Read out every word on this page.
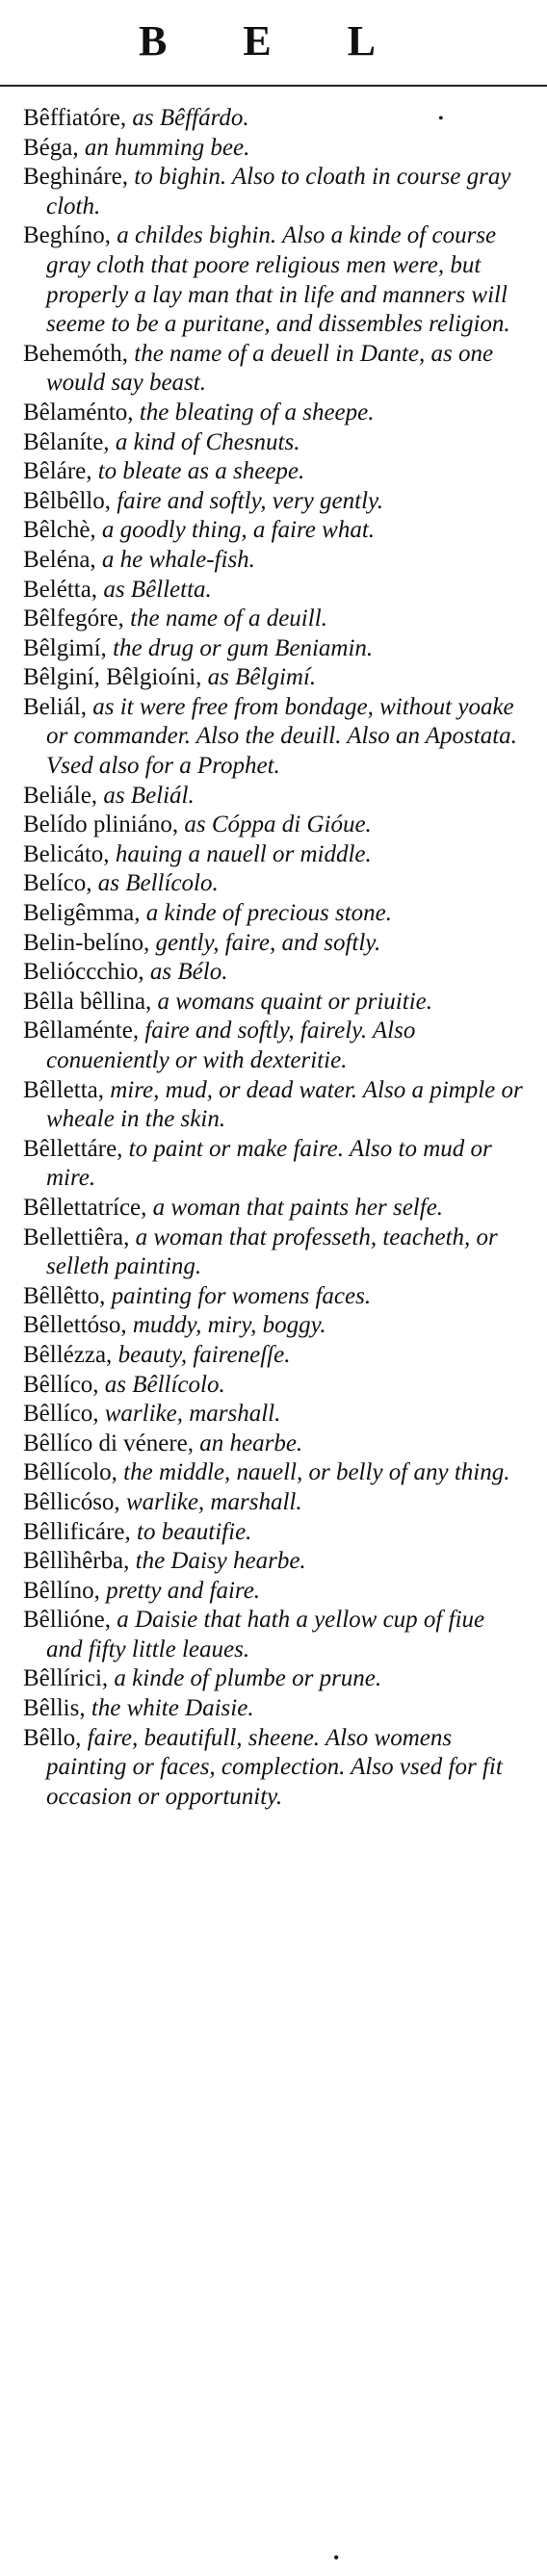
B E L
•

Bêffiatóre, as Bêffárdo.

Béga, an humming bee.

Beghináre, to bighin. Also to cloath in course gray cloth.

Beghíno, a childes bighin. Also a kinde of course gray cloth that poore religious men were, but properly a lay man that in life and manners will seeme to be a puritane, and dissembles religion.

Behemóth, the name of a deuell in Dante, as one would say beast.

Bêlaménto, the bleating of a sheepe.

Bêlaníte, a kind of Chesnuts.

Bêláre, to bleate as a sheepe.

Bêlbêllo, faire and softly, very gently.

Bêlchè, a goodly thing, a faire what.

Beléna, a he whale-fish.

Belétta, as Bêlletta.

Bêlfegóre, the name of a deuill.

Bêlgimí, the drug or gum Beniamin.

Bêlginí, Bêlgioíni, as Bêlgimí.

Beliál, as it were free from bondage, without yoake or commander. Also the deuill. Also an Apostata. Vsed also for a Prophet.

Beliále, as Beliál.

Belído pliniáno, as Cóppa di Gióue.

Belicáto, hauing a nauell or middle.

Belíco, as Bellícolo.

Beligêmma, a kinde of precious stone.

Belin-belíno, gently, faire, and softly.

Belióccchio, as Bélo.

Bêlla bêllina, a womans quaint or priuitie.

Bêllaménte, faire and softly, fairely. Also conueniently or with dexteritie.

Bêlletta, mire, mud, or dead water. Also a pimple or wheale in the skin.

Bêllettáre, to paint or make faire. Also to mud or mire.

Bêllettatríce, a woman that paints her selfe.

Bellettiêra, a woman that professeth, teacheth, or selleth painting.

Bêllêtto, painting for womens faces.

Bêllettóso, muddy, miry, boggy.

Bêllézza, beauty, faireneſſe.

Bêllíco, as Bêllícolo.

Bêllíco, warlike, marshall.

Bêllíco di vénere, an hearbe.

Bêllícolo, the middle, nauell, or belly of any thing.

Bêllicóso, warlike, marshall.

Bêllificáre, to beautifie.

Bêllìhêrba, the Daisy hearbe.

Bêllíno, pretty and faire.

Bêllióne, a Daisie that hath a yellow cup of fiue and fifty little leaues.

Bêllírici, a kinde of plumbe or prune.

Bêllis, the white Daisie.

Bêllo, faire, beautifull, sheene. Also womens painting or faces, complection. Also vsed for fit occasion or opportunity.

•
